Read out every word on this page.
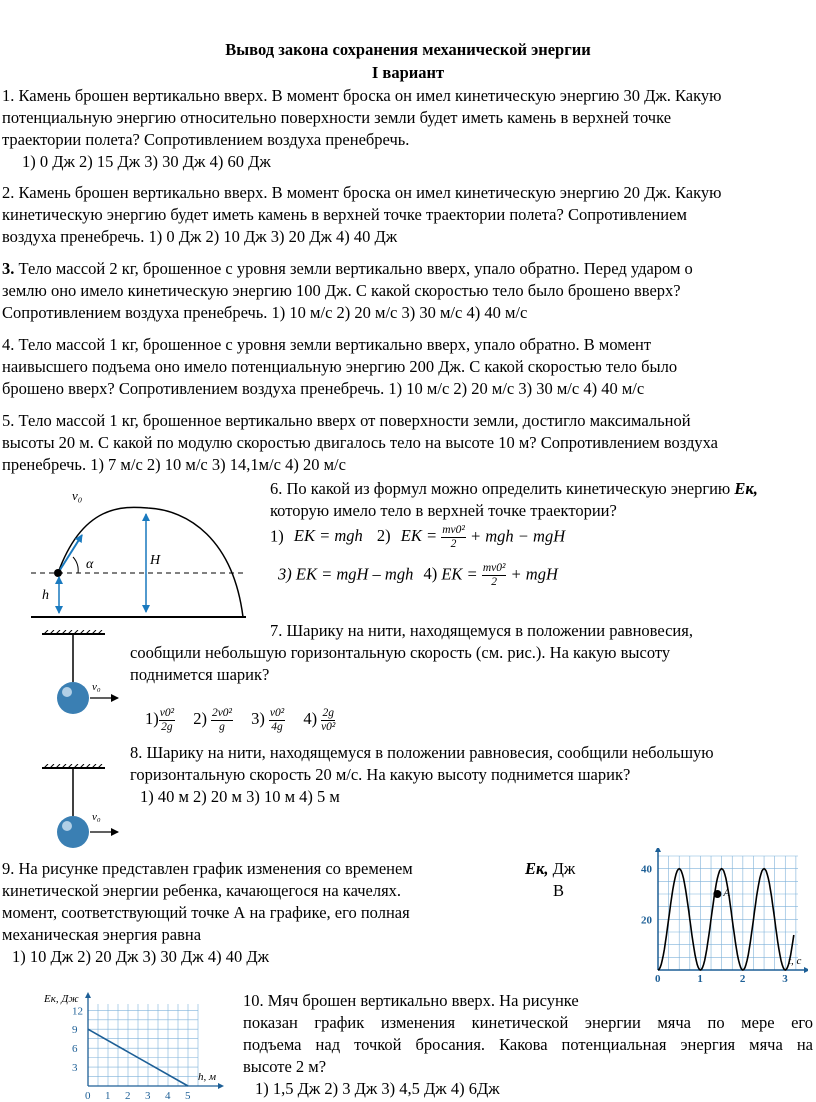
Вывод закона сохранения механической энергии
I вариант
1. Камень брошен вертикально вверх. В момент броска он имел кинетическую энергию 30 Дж. Какую
потенциальную энергию относительно поверхности земли будет иметь камень в верхней точке
траектории полета? Сопротивлением воздуха пренебречь.
1) 0 Дж 2) 15 Дж 3) 30 Дж 4) 60 Дж
2. Камень брошен вертикально вверх. В момент броска он имел кинетическую энергию 20 Дж. Какую
кинетическую энергию будет иметь камень в верхней точке траектории полета? Сопротивлением
воздуха пренебречь. 1) 0 Дж 2) 10 Дж 3) 20 Дж 4) 40 Дж
3. Тело массой 2 кг, брошенное с уровня земли вертикально вверх, упало обратно. Перед ударом о
землю оно имело кинетическую энергию 100 Дж. С какой скоростью тело было брошено вверх?
Сопротивлением воздуха пренебречь. 1) 10 м/с 2) 20 м/с 3) 30 м/с 4) 40 м/с
4. Тело массой 1 кг, брошенное с уровня земли вертикально вверх, упало обратно. В момент
наивысшего подъема оно имело потенциальную энергию 200 Дж. С какой скоростью тело было
брошено вверх? Сопротивлением воздуха пренебречь. 1) 10 м/с 2) 20 м/с 3) 30 м/с 4) 40 м/с
5. Тело массой 1 кг, брошенное вертикально вверх от поверхности земли, достигло максимальной
высоты 20 м. С какой по модулю скоростью двигалось тело на высоте 10 м? Сопротивлением воздуха
пренебречь. 1) 7 м/с 2) 10 м/с 3) 14,1м/с 4) 20 м/с
v₀
α	H
h
6. По какой из формул можно определить кинетическую энергию Eк,
которую имело тело в верхней точке траектории?
1) EK = mgh 2) EK = $\frac{\text{mv0²}}{2}$ + mgh − mgH
3) EK = mgH – mgh 4) EK = $\frac{\text{mv0²}}{2}$ + mgH
v₀
7. Шарику на нити, находящемуся в положении равновесия,
сообщили небольшую горизонтальную скорость (см. рис.). На какую высоту
поднимется шарик?
$1) \frac{\text{v0²}}{2g} 2) \frac{\text{2v0²}}{g} 3) \frac{\text{v0²}}{4g} 4) \frac{2g}{\text{v0²}}$
v₀
8. Шарику на нити, находящемуся в положении равновесия, сообщили небольшую
горизонтальную скорость 20 м/с. На какую высоту поднимется шарик?
1) 40 м 2) 20 м 3) 10 м 4) 5 м
9. На рисунке представлен график изменения со временем
кинетической энергии ребенка, качающегося на качелях.
момент, соответствующий точке А на графике, его полная
механическая энергия равна
1) 10 Дж 2) 20 Дж 3) 30 Дж 4) 40 Дж
Eк, Дж
В	A
0	1	2	3
20
40
t, c
0 1 2 3 4 5
3
6
9
12
Eк, Дж
h, м
10. Мяч брошен вертикально вверх. На рисунке
показан график изменения кинетической энергии мяча по мере его
подъема над точкой бросания. Какова потенциальная энергия мяча на
высоте 2 м?
1) 1,5 Дж 2) 3 Дж 3) 4,5 Дж 4) 6Дж
